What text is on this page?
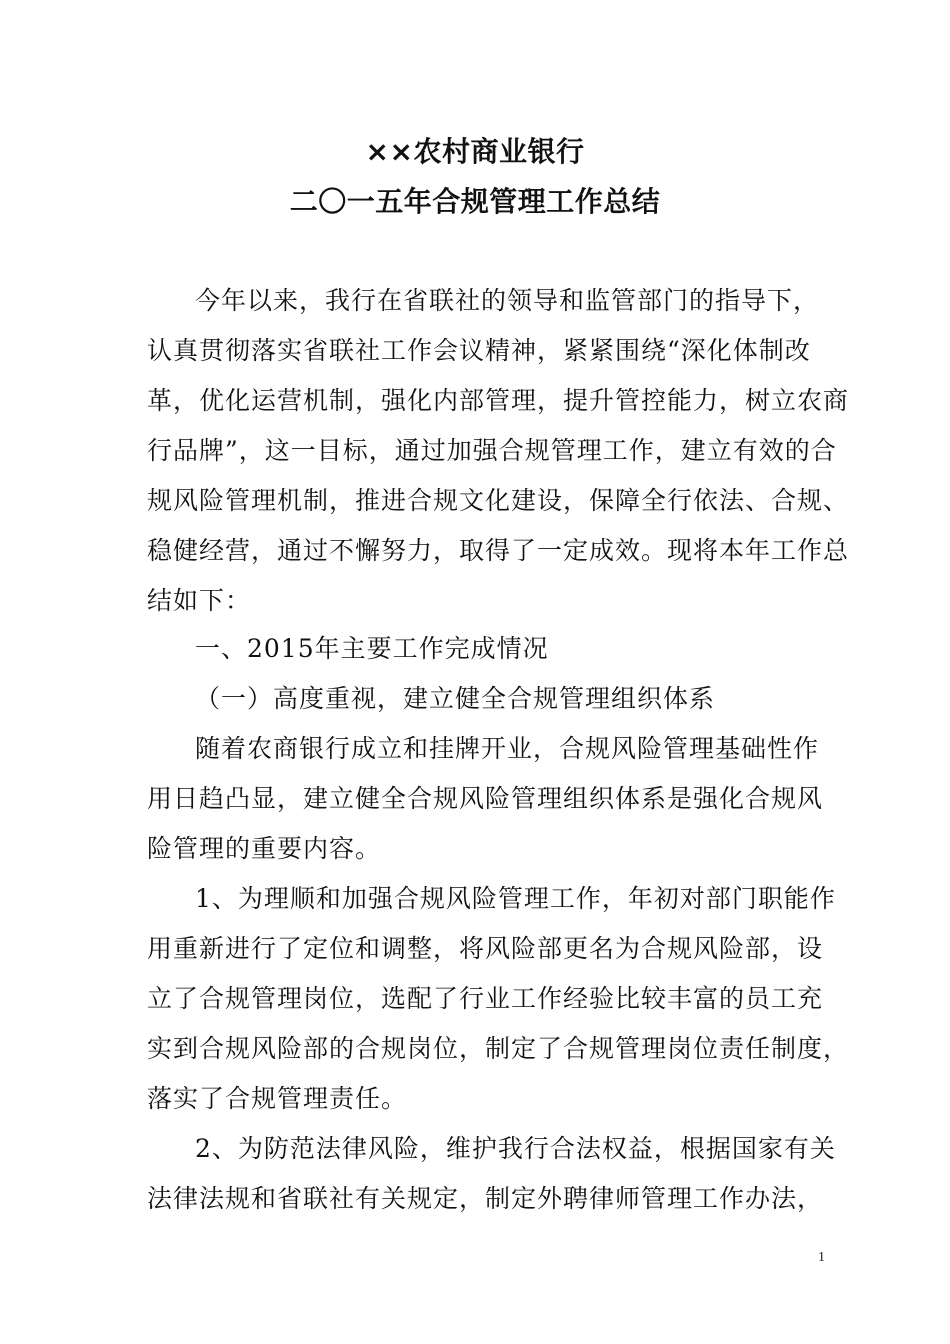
××农村商业银行
二〇一五年合规管理工作总结
今年以来，我行在省联社的领导和监管部门的指导下，
认真贯彻落实省联社工作会议精神，紧紧围绕“深化体制改
革，优化运营机制，强化内部管理，提升管控能力，树立农商
行品牌”，这一目标，通过加强合规管理工作，建立有效的合
规风险管理机制，推进合规文化建设，保障全行依法、合规、
稳健经营，通过不懈努力，取得了一定成效。现将本年工作总
结如下：
一、2015年主要工作完成情况
（一）高度重视，建立健全合规管理组织体系
随着农商银行成立和挂牌开业，合规风险管理基础性作
用日趋凸显，建立健全合规风险管理组织体系是强化合规风
险管理的重要内容。
1、为理顺和加强合规风险管理工作，年初对部门职能作
用重新进行了定位和调整，将风险部更名为合规风险部，设
立了合规管理岗位，选配了行业工作经验比较丰富的员工充
实到合规风险部的合规岗位，制定了合规管理岗位责任制度，
落实了合规管理责任。
2、为防范法律风险，维护我行合法权益，根据国家有关
法律法规和省联社有关规定，制定外聘律师管理工作办法，
1
